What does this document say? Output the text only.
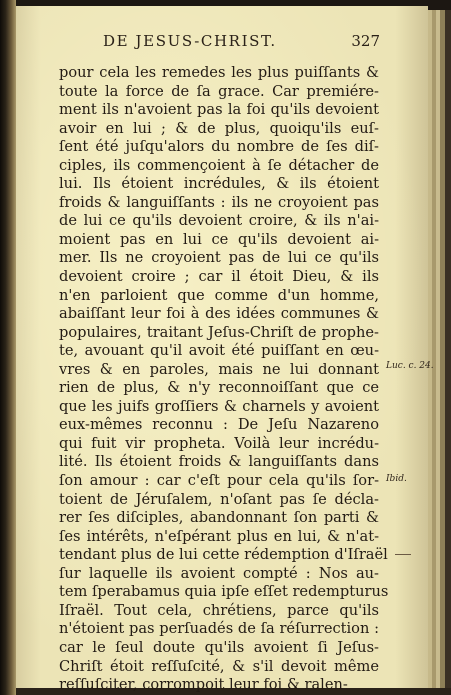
DE JESUS-CHRIST.	327
pour cela les remedes les plus puiſſants &
toute la force de ſa grace. Car premiére-
ment ils n'avoient pas la foi qu'ils devoient
avoir en lui ; & de plus, quoiqu'ils euſ-
ſent été juſqu'alors du nombre de ſes diſ-
ciples, ils commençoient à ſe détacher de
lui. Ils étoient incrédules, & ils étoient
froids & languiſſants : ils ne croyoient pas
de lui ce qu'ils devoient croire, & ils n'ai-
moient pas en lui ce qu'ils devoient ai-
mer. Ils ne croyoient pas de lui ce qu'ils
devoient croire ; car il étoit Dieu, & ils
n'en parloient que comme d'un homme,
abaiſſant leur foi à des idées communes &
populaires, traitant Jeſus-Chriſt de prophe-
te, avouant qu'il avoit été puiſſant en œu-
vres & en paroles, mais ne lui donnant
rien de plus, & n'y reconnoiſſant que ce
que les juifs groſſiers & charnels y avoient
eux-mêmes reconnu : De Jeſu Nazareno
qui fuit vir propheta. Voilà leur incrédu-
lité. Ils étoient froids & languiſſants dans
ſon amour : car c'eſt pour cela qu'ils ſor-
toient de Jéruſalem, n'oſant pas ſe décla-
rer ſes diſciples, abandonnant ſon parti &
ſes intérêts, n'eſpérant plus en lui, & n'at-
tendant plus de lui cette rédemption d'Iſraël
ſur laquelle ils avoient compté : Nos au-
tem ſperabamus quia ipſe eſſet redempturus
Iſraël. Tout cela, chrétiens, parce qu'ils
n'étoient pas perſuadés de ſa réſurrection :
car le ſeul doute qu'ils avoient ſi Jeſus-
Chriſt étoit reſſuſcité, & s'il devoit même
reſſuſciter, corrompoit leur foi & ralen-
Luc. c. 24.
Ibid.
